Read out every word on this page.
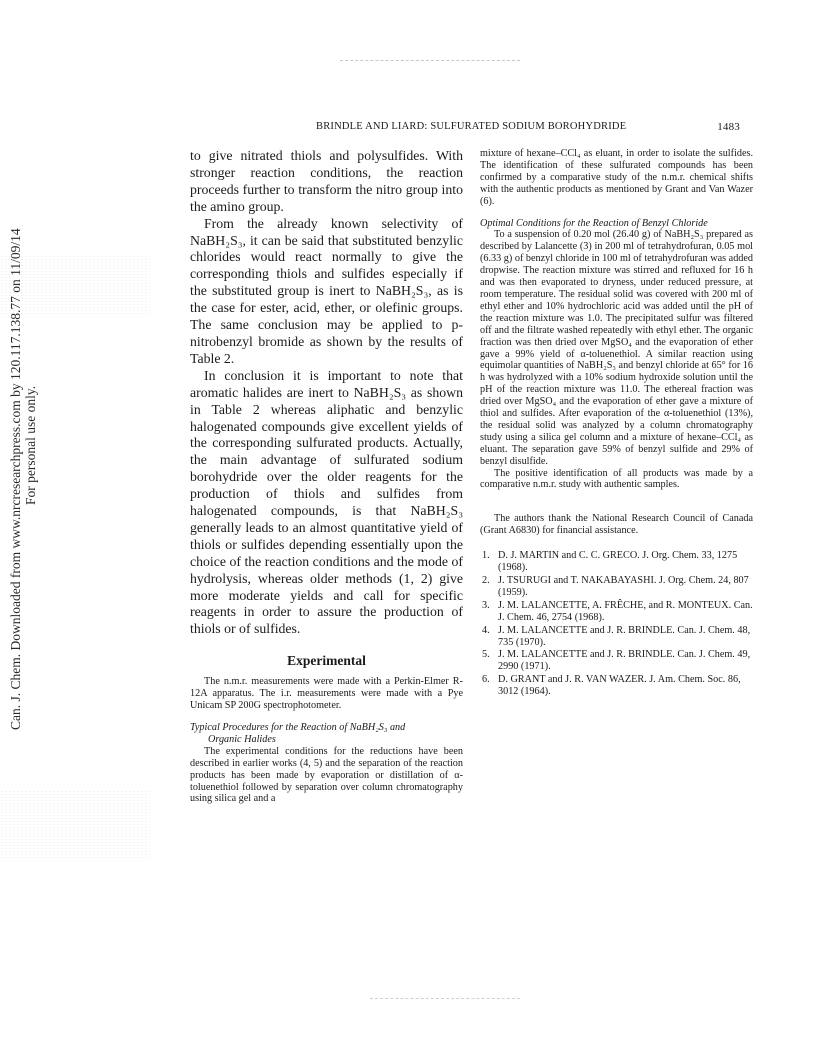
Can. J. Chem. Downloaded from www.nrcresearchpress.com by 120.117.138.77 on 11/09/14 For personal use only.
BRINDLE AND LIARD: SULFURATED SODIUM BOROHYDRIDE	1483

to give nitrated thiols and polysulfides. With stronger reaction conditions, the reaction proceeds further to transform the nitro group into the amino group.

From the already known selectivity of NaBH₂S₃, it can be said that substituted benzylic chlorides would react normally to give the corresponding thiols and sulfides especially if the substituted group is inert to NaBH₂S₃, as is the case for ester, acid, ether, or olefinic groups. The same conclusion may be applied to p-nitrobenzyl bromide as shown by the results of Table 2.

In conclusion it is important to note that aromatic halides are inert to NaBH₂S₃ as shown in Table 2 whereas aliphatic and benzylic halogenated compounds give excellent yields of the corresponding sulfurated products. Actually, the main advantage of sulfurated sodium borohydride over the older reagents for the production of thiols and sulfides from halogenated compounds, is that NaBH₂S₃ generally leads to an almost quantitative yield of thiols or sulfides depending essentially upon the choice of the reaction conditions and the mode of hydrolysis, whereas older methods (1, 2) give more moderate yields and call for specific reagents in order to assure the production of thiols or of sulfides.

Experimental

The n.m.r. measurements were made with a Perkin-Elmer R-12A apparatus. The i.r. measurements were made with a Pye Unicam SP 200G spectrophotometer.

Typical Procedures for the Reaction of NaBH₂S₃ and
Organic Halides

The experimental conditions for the reductions have been described in earlier works (4, 5) and the separation of the reaction products has been made by evaporation or distillation of α-toluenethiol followed by separation over column chromatography using silica gel and a

mixture of hexane–CCl₄ as eluant, in order to isolate the sulfides. The identification of these sulfurated compounds has been confirmed by a comparative study of the n.m.r. chemical shifts with the authentic products as mentioned by Grant and Van Wazer (6).

Optimal Conditions for the Reaction of Benzyl Chloride

To a suspension of 0.20 mol (26.40 g) of NaBH₂S₃ prepared as described by Lalancette (3) in 200 ml of tetrahydrofuran, 0.05 mol (6.33 g) of benzyl chloride in 100 ml of tetrahydrofuran was added dropwise. The reaction mixture was stirred and refluxed for 16 h and was then evaporated to dryness, under reduced pressure, at room temperature. The residual solid was covered with 200 ml of ethyl ether and 10% hydrochloric acid was added until the pH of the reaction mixture was 1.0. The precipitated sulfur was filtered off and the filtrate washed repeatedly with ethyl ether. The organic fraction was then dried over MgSO₄ and the evaporation of ether gave a 99% yield of α-toluenethiol. A similar reaction using equimolar quantities of NaBH₂S₃ and benzyl chloride at 65° for 16 h was hydrolyzed with a 10% sodium hydroxide solution until the pH of the reaction mixture was 11.0. The ethereal fraction was dried over MgSO₄ and the evaporation of ether gave a mixture of thiol and sulfides. After evaporation of the α-toluenethiol (13%), the residual solid was analyzed by a column chromatography study using a silica gel column and a mixture of hexane–CCl₄ as eluant. The separation gave 59% of benzyl sulfide and 29% of benzyl disulfide.

The positive identification of all products was made by a comparative n.m.r. study with authentic samples.

The authors thank the National Research Council of Canada (Grant A6830) for financial assistance.

1. D. J. MARTIN and C. C. GRECO. J. Org. Chem. 33, 1275 (1968).
2. J. TSURUGI and T. NAKABAYASHI. J. Org. Chem. 24, 807 (1959).
3. J. M. LALANCETTE, A. FRÊCHE, and R. MONTEUX. Can. J. Chem. 46, 2754 (1968).
4. J. M. LALANCETTE and J. R. BRINDLE. Can. J. Chem. 48, 735 (1970).
5. J. M. LALANCETTE and J. R. BRINDLE. Can. J. Chem. 49, 2990 (1971).
6. D. GRANT and J. R. VAN WAZER. J. Am. Chem. Soc. 86, 3012 (1964).
